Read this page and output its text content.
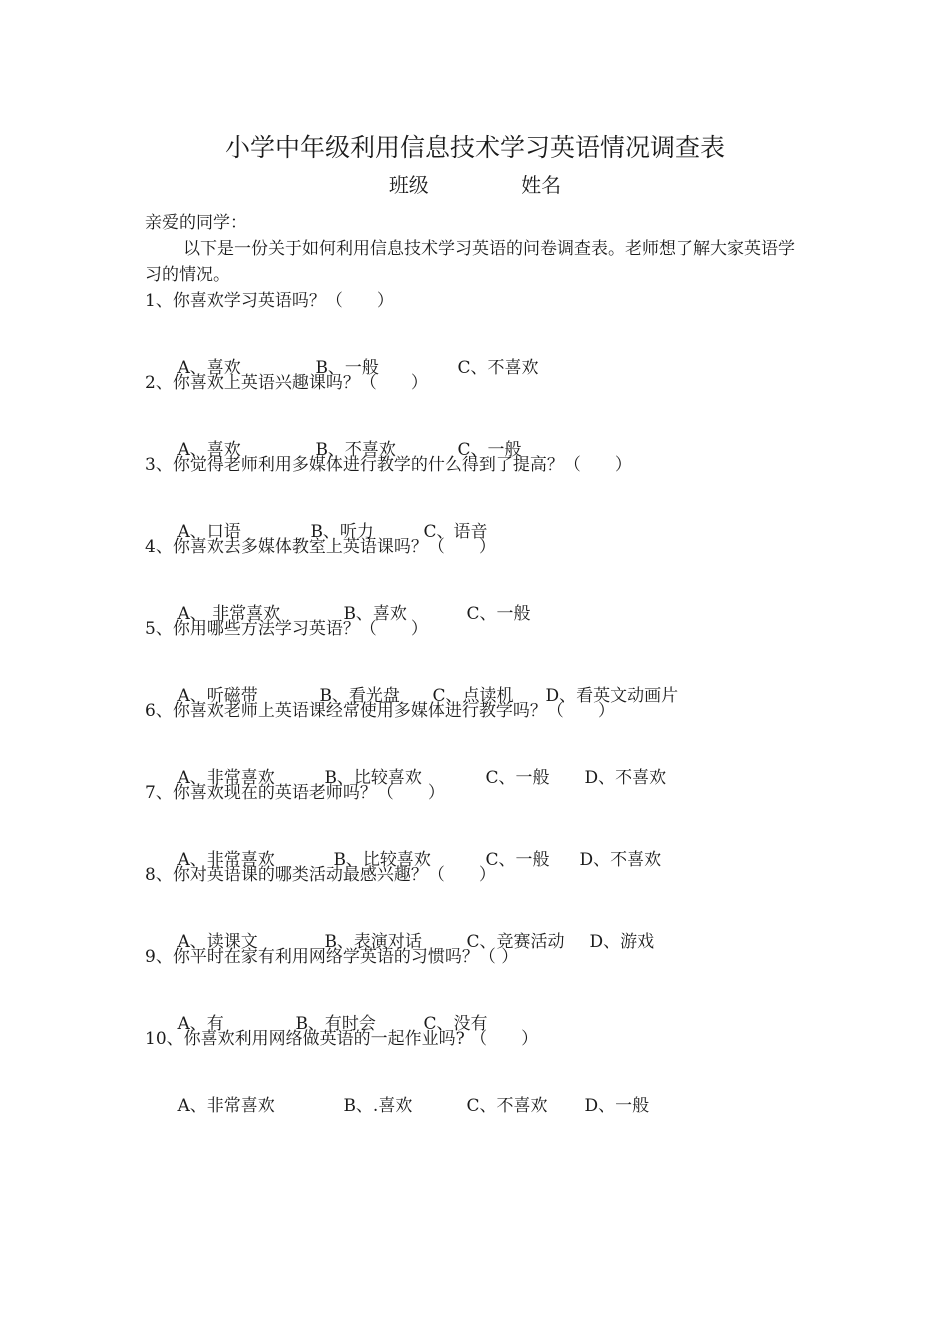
小学中年级利用信息技术学习英语情况调查表
班级	姓名
亲爱的同学：
以下是一份关于如何利用信息技术学习英语的问卷调查表。老师想了解大家英语学习的情况。
1、你喜欢学习英语吗？（　　）

A、喜欢	B、一般	C、不喜欢

2、你喜欢上英语兴趣课吗？（　　）

A、喜欢	B、不喜欢	C、一般

3、你觉得老师利用多媒体进行教学的什么得到了提高？（　　）

A、口语	B、听力	C、语音

4、你喜欢去多媒体教室上英语课吗？（　　）

A、 非常喜欢	B、喜欢	C、一般

5、你用哪些方法学习英语？（　　）

A、听磁带	B、看光盘 C、点读机 D、看英文动画片

6、你喜欢老师上英语课经常使用多媒体进行教学吗？（　　）

A、非常喜欢	B、比较喜欢	C、一般 D、不喜欢

7、你喜欢现在的英语老师吗？（　　）

A、非常喜欢	B、比较喜欢	C、一般 D、不喜欢

8、你对英语课的哪类活动最感兴趣？（　　）

A、读课文	B、表演对话	C、竞赛活动 D、游戏

9、你平时在家有利用网络学英语的习惯吗？（ ）

A、有	B、有时会	C、没有

10、你喜欢利用网络做英语的一起作业吗? （　　）

A、非常喜欢	B、.喜欢	C、不喜欢 D、一般
